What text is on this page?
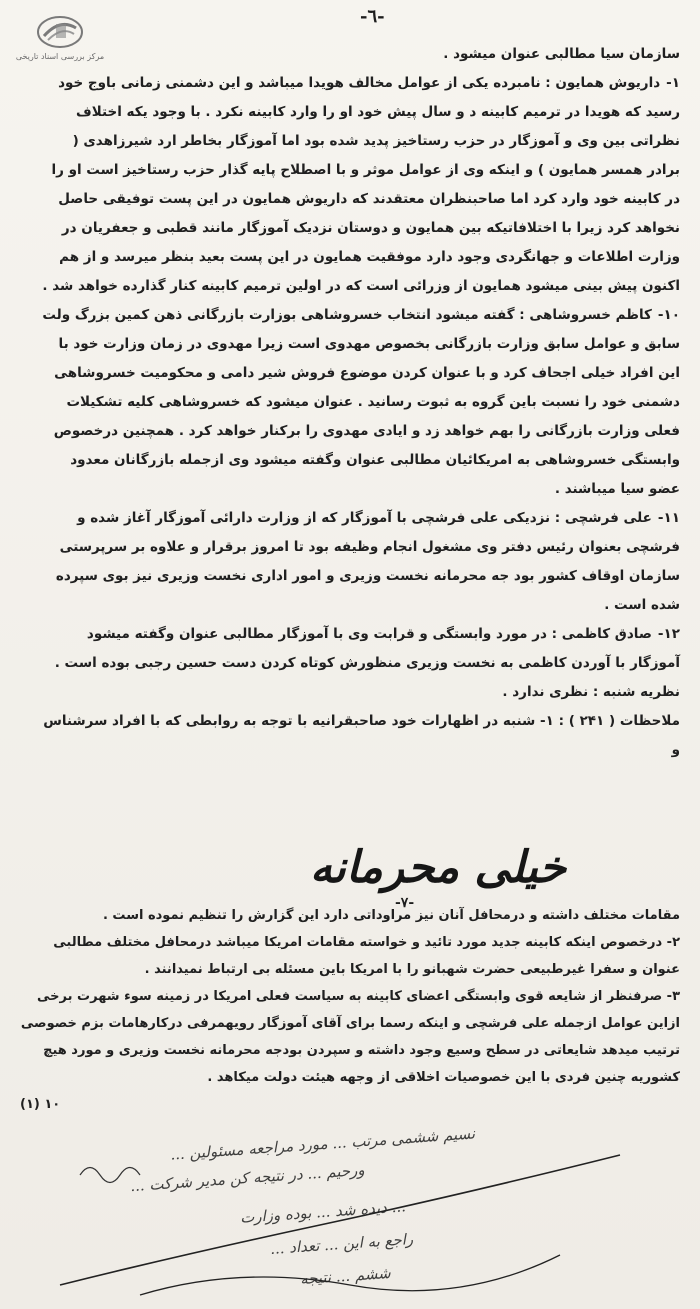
مرکز بررسی اسناد تاریخی
-٦-

سازمان سیا مطالبی عنوان میشود .

۱-داریوش همایون : نامبرده یکی از عوامل مخالف هویدا میباشد و این دشمنی زمانی باوج خود رسید که هویدا در ترمیم کابینه د و سال پیش خود او را وارد کابینه نکرد . با وجود یکه اختلاف نظراتی بین وی و آموزگار در حزب رستاخیز پدید شده بود اما آموزگار بخاطر ارد شیرزاهدی ( برادر همسر همایون ) و اینکه وی از عوامل موثر و با اصطلاح پایه گذار حزب رستاخیز است او را در کابینه خود وارد کرد اما صاحبنظران معتقدند که داریوش همایون در این پست توفیقی حاصل نخواهد کرد زیرا با اختلافاتیکه بین همایون و دوستان نزدیک آموزگار مانند قطبی و جعفریان در وزارت اطلاعات و جهانگردی وجود دارد موفقیت همایون در این پست بعید بنظر میرسد و از هم اکنون پیش بینی میشود همایون از وزرائی است که در اولین ترمیم کابینه کنار گذارده خواهد شد .

۱۰-کاظم خسروشاهی : گفته میشود انتخاب خسروشاهی بوزارت بازرگانی ذهن کمین بزرگ ولت سابق و عوامل سابق وزارت بازرگانی بخصوص مهدوی است زیرا مهدوی در زمان وزارت خود با این افراد خیلی اجحاف کرد و با عنوان کردن موضوع فروش شیر دامی و محکومیت خسروشاهی دشمنی خود را نسبت باین گروه به ثبوت رسانید . عنوان میشود که خسروشاهی کلیه تشکیلات فعلی وزارت بازرگانی را بهم خواهد زد و ایادی مهدوی را برکنار خواهد کرد . همچنین درخصوص وابستگی خسروشاهی به امریکائیان مطالبی عنوان وگفته میشود وی ازجمله بازرگانان معدود عضو سیا میباشند .

۱۱-علی فرشچی : نزدیکی علی فرشچی با آموزگار که از وزارت دارائی آموزگار آغاز شده و فرشچی بعنوان رئیس دفتر وی مشغول انجام وظیفه بود تا امروز برقرار و علاوه بر سرپرستی سازمان اوقاف کشور بود جه محرمانه نخست وزیری و امور اداری نخست وزیری نیز بوی سپرده شده است .

۱۲-صادق کاظمی : در مورد وابستگی و قرابت وی با آموزگار مطالبی عنوان وگفته میشود آموزگار با آوردن کاظمی به نخست وزیری منظورش کوتاه کردن دست حسین رجبی بوده است .

نظریه شنبه : نظری ندارد .

ملاحظات ( ۲۴۱ ) : ۱- شنبه در اظهارات خود صاحبقرانیه با توجه به روابطی که با افراد سرشناس و

خیلی محرمانه
-۷-

مقامات مختلف داشته و درمحافل آنان نیز مراوداتی دارد این گزارش را تنظیم نموده است .

۲- درخصوص اینکه کابینه جدید مورد تائید و خواسته مقامات امریکا میباشد درمحافل مختلف مطالبی عنوان و سفرا غیرطبیعی حضرت شهبانو را با امریکا باین مسئله بی ارتباط نمیدانند .

۳- صرفنظر از شایعه قوی وابستگی اعضای کابینه به سیاست فعلی امریکا در زمینه سوء شهرت برخی ازاین عوامل ازجمله علی فرشچی و اینکه رسما برای آقای آموزگار رویهمرفی درکارهامات بزم خصوصی ترتیب میدهد شایعاتی در سطح وسیع وجود داشته و سپردن بودجه محرمانه نخست وزیری و مورد هیچ کشوریه چنین فردی با این خصوصیات اخلاقی از وجهه هیئت دولت میکاهد .

۱۰ (۱)

نسیم ششمی مرتب ... مورد مراجعه مسئولین ...
ورحیم ... در نتیجه کن مدیر شرکت ...
... دیده شد ... بوده وزارت
راجع به این ... تعداد ...
ششم ... نتیجه
